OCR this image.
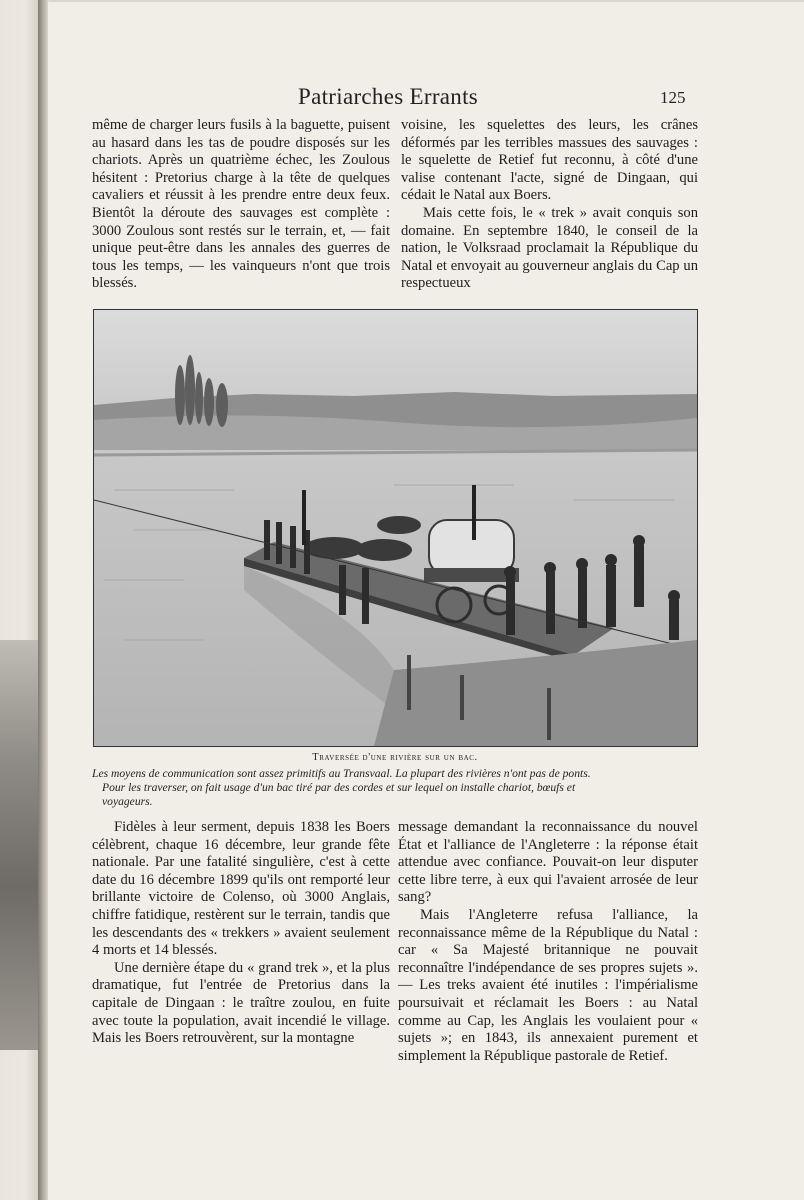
Patriarches Errants	125

même de charger leurs fusils à la baguette, puisent au hasard dans les tas de poudre disposés sur les chariots. Après un quatrième échec, les Zoulous hésitent : Pretorius charge à la tête de quelques cavaliers et réussit à les prendre entre deux feux. Bientôt la déroute des sauvages est complète : 3000 Zoulous sont restés sur le terrain, et, — fait unique peut-être dans les annales des guerres de tous les temps, — les vainqueurs n'ont que trois blessés.

voisine, les squelettes des leurs, les crânes déformés par les terribles massues des sauvages : le squelette de Retief fut reconnu, à côté d'une valise contenant l'acte, signé de Dingaan, qui cédait le Natal aux Boers.

Mais cette fois, le « trek » avait conquis son domaine. En septembre 1840, le conseil de la nation, le Volksraad proclamait la République du Natal et envoyait au gouverneur anglais du Cap un respectueux

Traversée d'une rivière sur un bac.
Les moyens de communication sont assez primitifs au Transvaal. La plupart des rivières n'ont pas de ponts.
Pour les traverser, on fait usage d'un bac tiré par des cordes et sur lequel on installe chariot, bœufs et
voyageurs.

Fidèles à leur serment, depuis 1838 les Boers célèbrent, chaque 16 décembre, leur grande fête nationale. Par une fatalité singulière, c'est à cette date du 16 décembre 1899 qu'ils ont remporté leur brillante victoire de Colenso, où 3000 Anglais, chiffre fatidique, restèrent sur le terrain, tandis que les descendants des « trekkers » avaient seulement 4 morts et 14 blessés.

Une dernière étape du « grand trek », et la plus dramatique, fut l'entrée de Pretorius dans la capitale de Dingaan : le traître zoulou, en fuite avec toute la population, avait incendié le village. Mais les Boers retrouvèrent, sur la montagne

message demandant la reconnaissance du nouvel État et l'alliance de l'Angleterre : la réponse était attendue avec confiance. Pouvait-on leur disputer cette libre terre, à eux qui l'avaient arrosée de leur sang?

Mais l'Angleterre refusa l'alliance, la reconnaissance même de la République du Natal : car « Sa Majesté britannique ne pouvait reconnaître l'indépendance de ses propres sujets ». — Les treks avaient été inutiles : l'impérialisme poursuivait et réclamait les Boers : au Natal comme au Cap, les Anglais les voulaient pour « sujets »; en 1843, ils annexaient purement et simplement la République pastorale de Retief.
